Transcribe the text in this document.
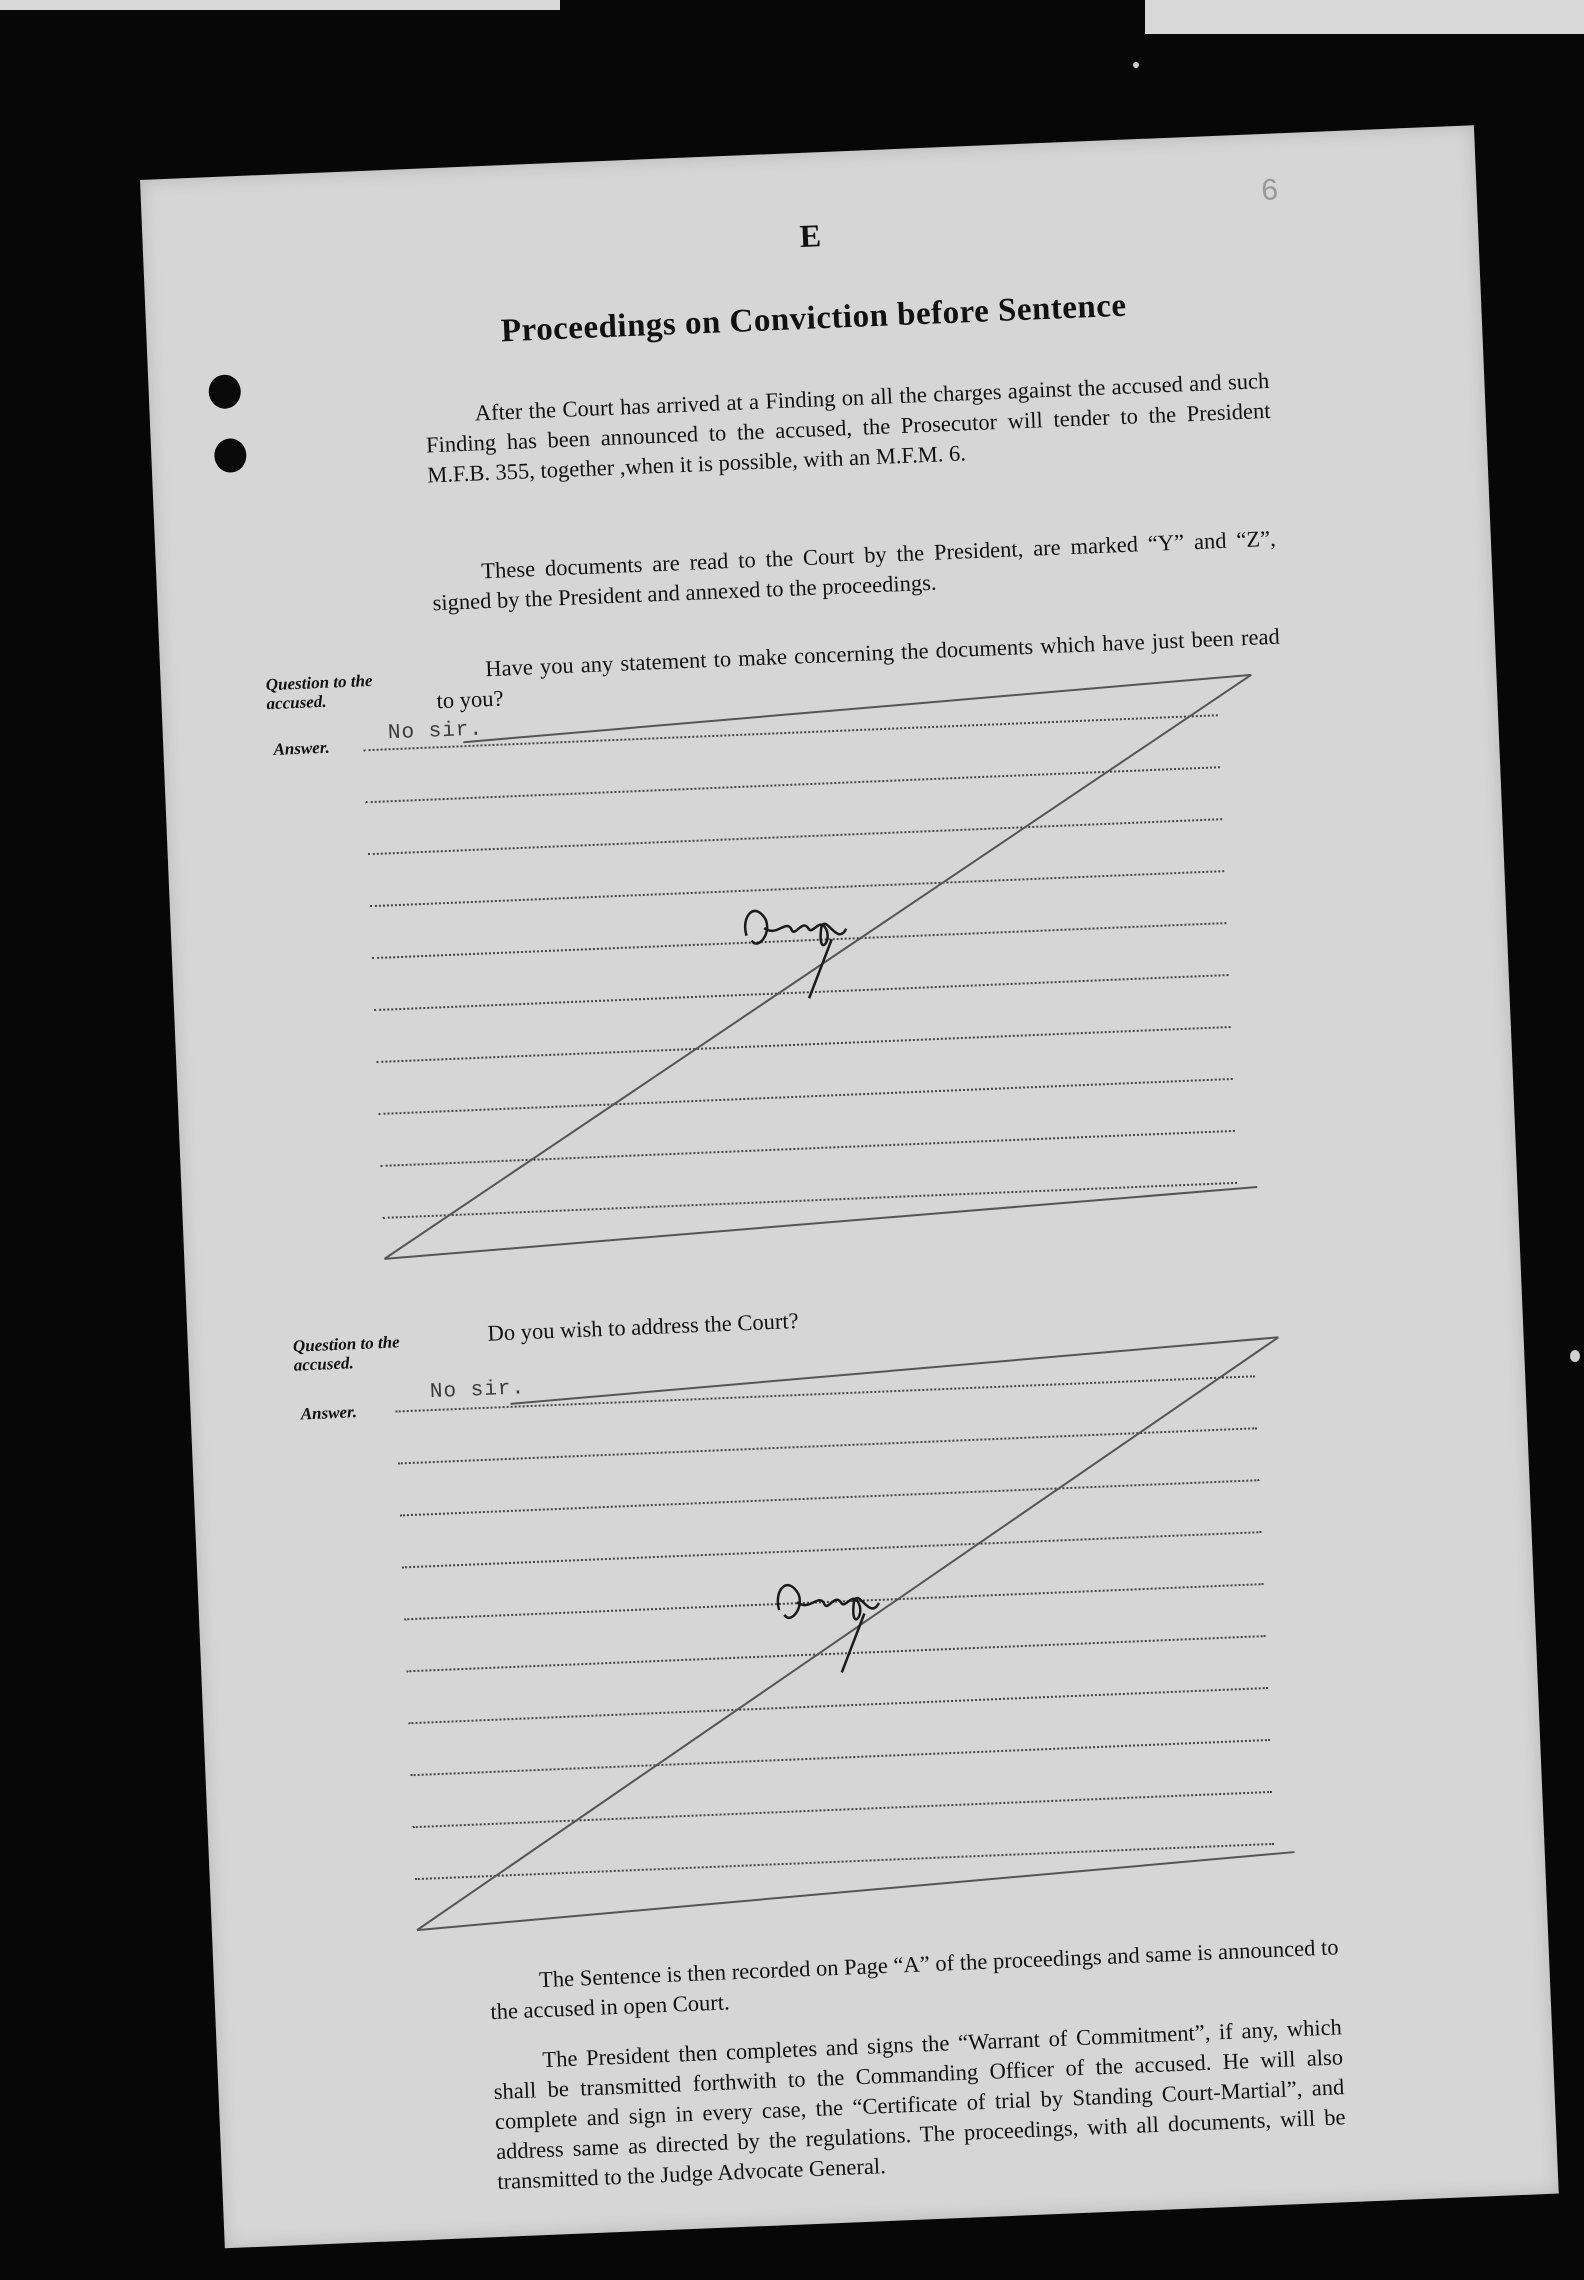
6
E
Proceedings on Conviction before Sentence

After the Court has arrived at a Finding on all the charges against the accused and such Finding has been announced to the accused, the Prosecutor will tender to the President M.F.B. 355, together ,when it is possible, with an M.F.M. 6.

These documents are read to the Court by the President, are marked “Y” and “Z”, signed by the President and annexed to the proceedings.

Question to the accused.

Have you any statement to make concerning the documents which have just been read to you?

Answer.
No sir.
Question to the accused.

Do you wish to address the Court?

Answer.
No sir.

The Sentence is then recorded on Page “A” of the proceedings and same is announced to the accused in open Court.

The President then completes and signs the “Warrant of Commitment”, if any, which shall be transmitted forthwith to the Commanding Officer of the accused. He will also complete and sign in every case, the “Certificate of trial by Standing Court-Martial”, and address same as directed by the regulations. The proceedings, with all documents, will be transmitted to the Judge Advocate General.
